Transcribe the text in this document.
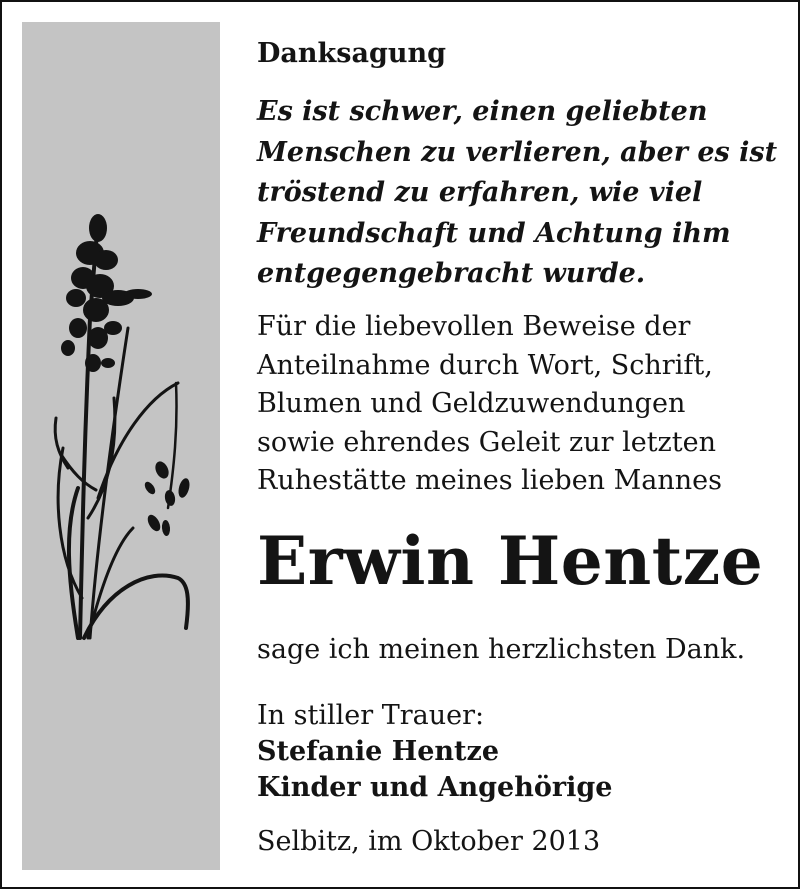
Danksagung
Es ist schwer, einen geliebten
Menschen zu verlieren, aber es ist
tröstend zu erfahren, wie viel
Freundschaft und Achtung ihm
entgegengebracht wurde.
Für die liebevollen Beweise der
Anteilnahme durch Wort, Schrift,
Blumen und Geldzuwendungen
sowie ehrendes Geleit zur letzten
Ruhestätte meines lieben Mannes
Erwin Hentze
sage ich meinen herzlichsten Dank.
In stiller Trauer:
Stefanie Hentze
Kinder und Angehörige
Selbitz, im Oktober 2013
